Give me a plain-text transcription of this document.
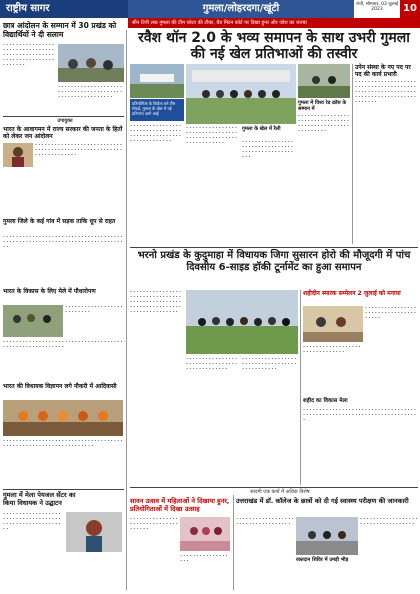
राष्ट्रीय सागर	गुमला/लोहरदगा/खूंटी	रांची, सोमवार, 03 जुलाई 2023	10
सीन टिनी लक गुमला की टीम प्लेटर की टीका, बैड मिंटन कोर्ट पर दिखा हुनर और जोश का जज्बा
छात्र आंदोलन के सम्मान में 30 प्रखंड को विद्यार्थियों ने दी सलाम
• • • • • • • • • • • • • • • • • • • • • • • • • • • • • • • • • • • • • • • • • • • • • • • • • • • • • • • • • • • • • • • • • • • • • • •
• • • • • • • • • • • • • • • • • • • • • • • • • • • • • • • • • • • • • • • • • • • • • • • • • • • • • • • • •
उपायुक्त
भारत के आवागमन में राज्य सरकार की जनता के हितों को लेकर जन आंदोलन
• • • • • • • • • • • • • • • • • • • • • • • • • • • • • • • • • • • • • • • • • • • • • • • • • • • • • • • • • • • • • • • • • • •
गुमला जिले के कई गांव में सड़क ताकि धूप से राहत
• • • • • • • • • • • • • • • • • • • • • • • • • • • • • • • • • • • • • • • • • • • • • • • • • • • • • • • • • • • • • • • • • • • • • • • • • • • •
भारत के विकास के लिए मेले में पौधारोपण
• • • • • • • • • • • • • • • • • • • • • • • • • •
• • • • • • • • • • • • • • • • • • • • • • • • • • • • • • • • • • • • • • • • • • • • • • • • • • • • • • • •
भारत की विधायक विज्ञापन लगे नौकरी में आदिवासी
• • • • • • • • • • • • • • • • • • • • • • • • • • • • • • • • • • • • • • • • • • • • • • • • • • • • • • • • • • • • • • • • •
गुमला में मेला पेयजल सेंटर का किया विधायक ने उद्घाटन
• • • • • • • • • • • • • • • • • • • • • • • • • • • • • • • • • • • • • • • • • • • • • • • • • • • • • • • •
रवैश थॉन 2.0 के भव्य समापन के साथ उभरी गुमला की नई खेल प्रतिभाओं की तस्वीर
प्रतियोगिता के विजेता बने टीम सेफर्ड, गुमला के खेल में नई प्रतिभाएं आगे आईं
• • • • • • • • • • • • • • • • • • • • • • • • • • • • • • • • • • • • • • • • • • • • • • • • • • • • • • • • • • • • •
गुमला में विश्व रेड क्रॉस के सम्मान में
• • • • • • • • • • • • • • • • • • • • • • • • • • • • • • • • • • • • • • • • • • • • • • • • • • • • • • • • • • • •
गुमला के खेल में रैली
• • • • • • • • • • • • • • • • • • • • • • • • • • • • • • • • • • • • • • • • • • • • • • • • • • •
• • • • • • • • • • • • • • • • • • • • • • • • • • • • • • • • • • • • • • • • • • • • • • • • • • • • • • • • •
उपेन संस्था के नए पद पर पद की कार्य प्रभारी
• • • • • • • • • • • • • • • • • • • • • • • • • • • • • • • • • • • • • • • • • • • • • • • • • • • • • • • • • • • • • • • • • • • • • • • • • • • • • • • • • • •
भरनो प्रखंड के कुदुमाहा में विधायक जिगा सुसारन होरो की मौजूदगी में पांच दिवसीय 6-साइड हॉकी टूर्नामेंट का हुआ समापन
• • • • • • • • • • • • • • • • • • • • • • • • • • • • • • • • • • • • • • • • • • • • • • • • • • • • • • • • • • • • • • • • • • • • • • • • • • • • • • •
• • • • • • • • • • • • • • • • • • • • • • • • • • • • • • • • • • • • • • • • • • • • •
• • • • • • • • • • • • • • • • • • • • • • • • • • • • • • • • • • • • • • • • • • • • •
शहीदीन स्मारक सम्मेलन 2 जुलाई को मनाया
• • • • • • • • • • • • • • • • • • • • • • • • • • • • • • • • • • • • •
• • • • • • • • • • • • • • • • • • • • • • • • • • • • • • •
शहीद का विकास मेला
• • • • • • • • • • • • • • • • • • • • • • • • • • • • • • • • • • • • • • • • • • • • • • • • • • • • • • • • • • • • • • • • • • • • • • •
सादगी एक कार्य में अधिक विशेष
सावन उत्सव में महिलाओं ने दिखाया हुनर, प्रतियोगिताओं में दिखा उत्साह
• • • • • • • • • • • • • • • • • • • • • • • • • • • • • • • • • • • •
• • • • • • • • • • • • • • • • • •
उत्तराखंड में डॉ. कॉलेज के छात्रों को दी गई स्वास्थ्य परीक्षण की जानकारी
• • • • • • • • • • • • • • • • • • • • • • • • • • • • • • • • • • •
रक्तदान शिविर में उमड़ी भीड़
• • • • • • • • • • • • • • • • • • • • • • • • • • • • • • • • • • •
